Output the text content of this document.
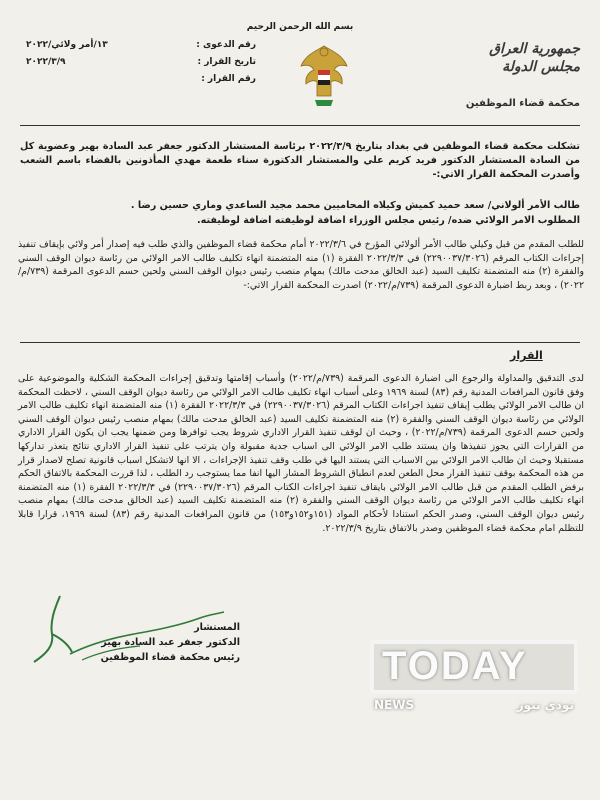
بسم الله الرحمن الرحيم
رقم الدعوى :
١٣/أمر ولائي/٢٠٢٢
تاريخ القرار :
٢٠٢٢/٣/٩
رقم القرار :
جمهورية العراق
مجلس الدولة
محكمة قضاء الموظفين
تشكلت محكمة قضاء الموظفين في بغداد بتاريخ ٢٠٢٢/٣/٩ برئاسة المستشار الدكتور جعفر عبد السادة بهير وعضوية كل من السادة المستشار الدكتور فريد كريم علي والمستشار الدكتورة سناء طعمة مهدي المأذونين بالقضاء باسم الشعب وأصدرت المحكمة القرار الاتي:-
طالب الأمر ألولاني/ سعد حميد كميش وكيلاه المحاميين محمد مجيد الساعدي وماري حسين رضا .
المطلوب الامر الولائي ضده/ رئيس مجلس الوزراء اضافة لوظيفته اضافة لوظيفته.
للطلب المقدم من قبل وكيلي طالب الأمر ألولائي المؤرخ في ٢٠٢٢/٣/٦ أمام محكمة قضاء الموظفين والذي طلب فيه إصدار أمر ولائي بإيقاف تنفيذ إجراءات الكتاب المرقم (٢٢٩٠٠٣٧/٣٠٢٦) في ٢٠٢٢/٣/٣ الفقرة (١) منه المتضمنة انهاء تكليف طالب الامر الولائي من رئاسة ديوان الوقف السني والفقرة (٢) منه المتضمنة تكليف السيد (عبد الخالق مدحت مالك) بمهام منصب رئيس ديوان الوقف السني ولحين حسم الدعوى المرقمة (٧٣٩/م/٢٠٢٢) ، وبعد ربط اضبارة الدعوى المرقمة (٧٣٩/م/٢٠٢٢) اصدرت المحكمة القرار الاتي:-
القرار
لدى التدقيق والمداولة والرجوع الى اضبارة الدعوى المرقمة (٧٣٩/م/٢٠٢٢) وأسباب إقامتها وتدقيق إجراءات المحكمة الشكلية والموضوعية على وفق قانون المرافعات المدنية رقم (٨٣) لسنة ١٩٦٩ وعلى أسباب انهاء تكليف طالب الامر الولائي من رئاسة ديوان الوقف السني ، لاحظت المحكمة ان طالب الامر الولائي يطلب إيقاف تنفيذ اجراءات الكتاب المرقم (٢٢٩٠٠٣٧/٣٠٢٦) في ٢٠٢٢/٣/٣ الفقرة (١) منه المتضمنة انهاء تكليف طالب الامر الولائي من رئاسة ديوان الوقف السني والفقرة (٢) منه المتضمنة تكليف السيد (عبد الخالق مدحت مالك) بمهام منصب رئيس ديوان الوقف السني ولحين حسم الدعوى المرقمة (٧٣٩/م/٢٠٢٢) ، وحيث ان لوقف تنفيذ القرار الاداري شروط يجب توافرها ومن ضمنها يجب ان يكون القرار الاداري من القرارات التي يجوز تنفيذها وان يستند طلب الامر الولائي الى اسباب جدية مقبولة وان يترتب على تنفيذ القرار الاداري نتائج يتعذر تداركها مستقبلا وحيث ان طالب الامر الولائي بين الاسباب التي يستند اليها في طلب وقف تنفيذ الإجراءات ، الا انها لاتشكل اسباب قانونية تصلح لاصدار قرار من هذه المحكمة بوقف تنفيذ القرار محل الطعن لعدم انطباق الشروط المشار اليها انفا مما يستوجب رد الطلب ، لذا قررت المحكمة بالاتفاق الحكم برفض الطلب المقدم من قبل طالب الامر الولائي بايقاف تنفيذ اجراءات الكتاب المرقم (٢٢٩٠٠٣٧/٣٠٢٦) في ٢٠٢٢/٣/٣ الفقرة (١) منه المتضمنة انهاء تكليف طالب الامر الولائي من رئاسة ديوان الوقف السني والفقرة (٢) منه المتضمنة تكليف السيد (عبد الخالق مدحت مالك) بمهام منصب رئيس ديوان الوقف السني، وصدر الحكم استنادا لأحكام المواد (١٥١و١٥٢و١٥٣) من قانون المرافعات المدنية رقم (٨٣) لسنة ١٩٦٩، قرارا قابلا للتظلم امام محكمة قضاء الموظفين وصدر بالاتفاق بتاريخ ٢٠٢٢/٣/٩.
المستشار
الدكتور جعفر عبد السادة بهير
رئيس محكمة قضاء الموظفين	TODAY
NEWS	تودي نيوز
